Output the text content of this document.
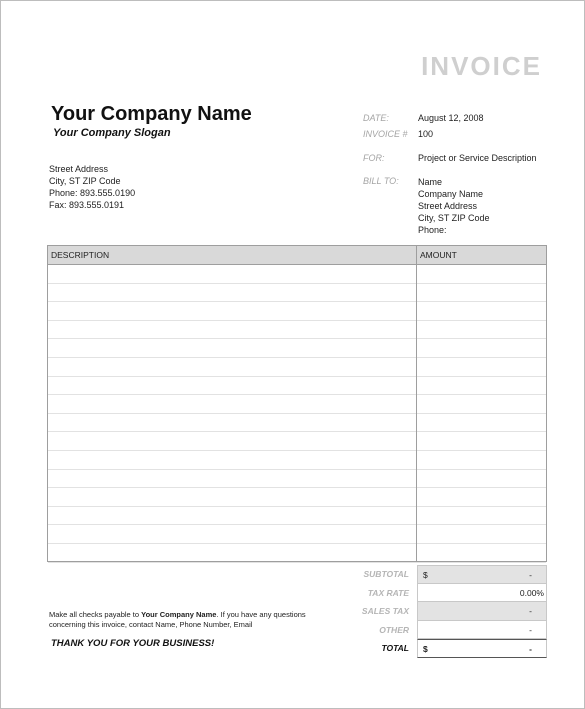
INVOICE
Your Company Name
Your Company Slogan
Street Address
City, ST ZIP Code
Phone: 893.555.0190
Fax: 893.555.0191
DATE:	August 12, 2008
INVOICE # 100
FOR:	Project or Service Description
BILL TO: Name
Company Name
Street Address
City, ST ZIP Code
Phone:
DESCRIPTION	AMOUNT
Make all checks payable to Your Company Name. If you have any questions concerning this invoice, contact Name, Phone Number, Email
THANK YOU FOR YOUR BUSINESS!
SUBTOTAL $	-
TAX RATE	0.00%
SALES TAX	-
OTHER	-
TOTAL $	-
